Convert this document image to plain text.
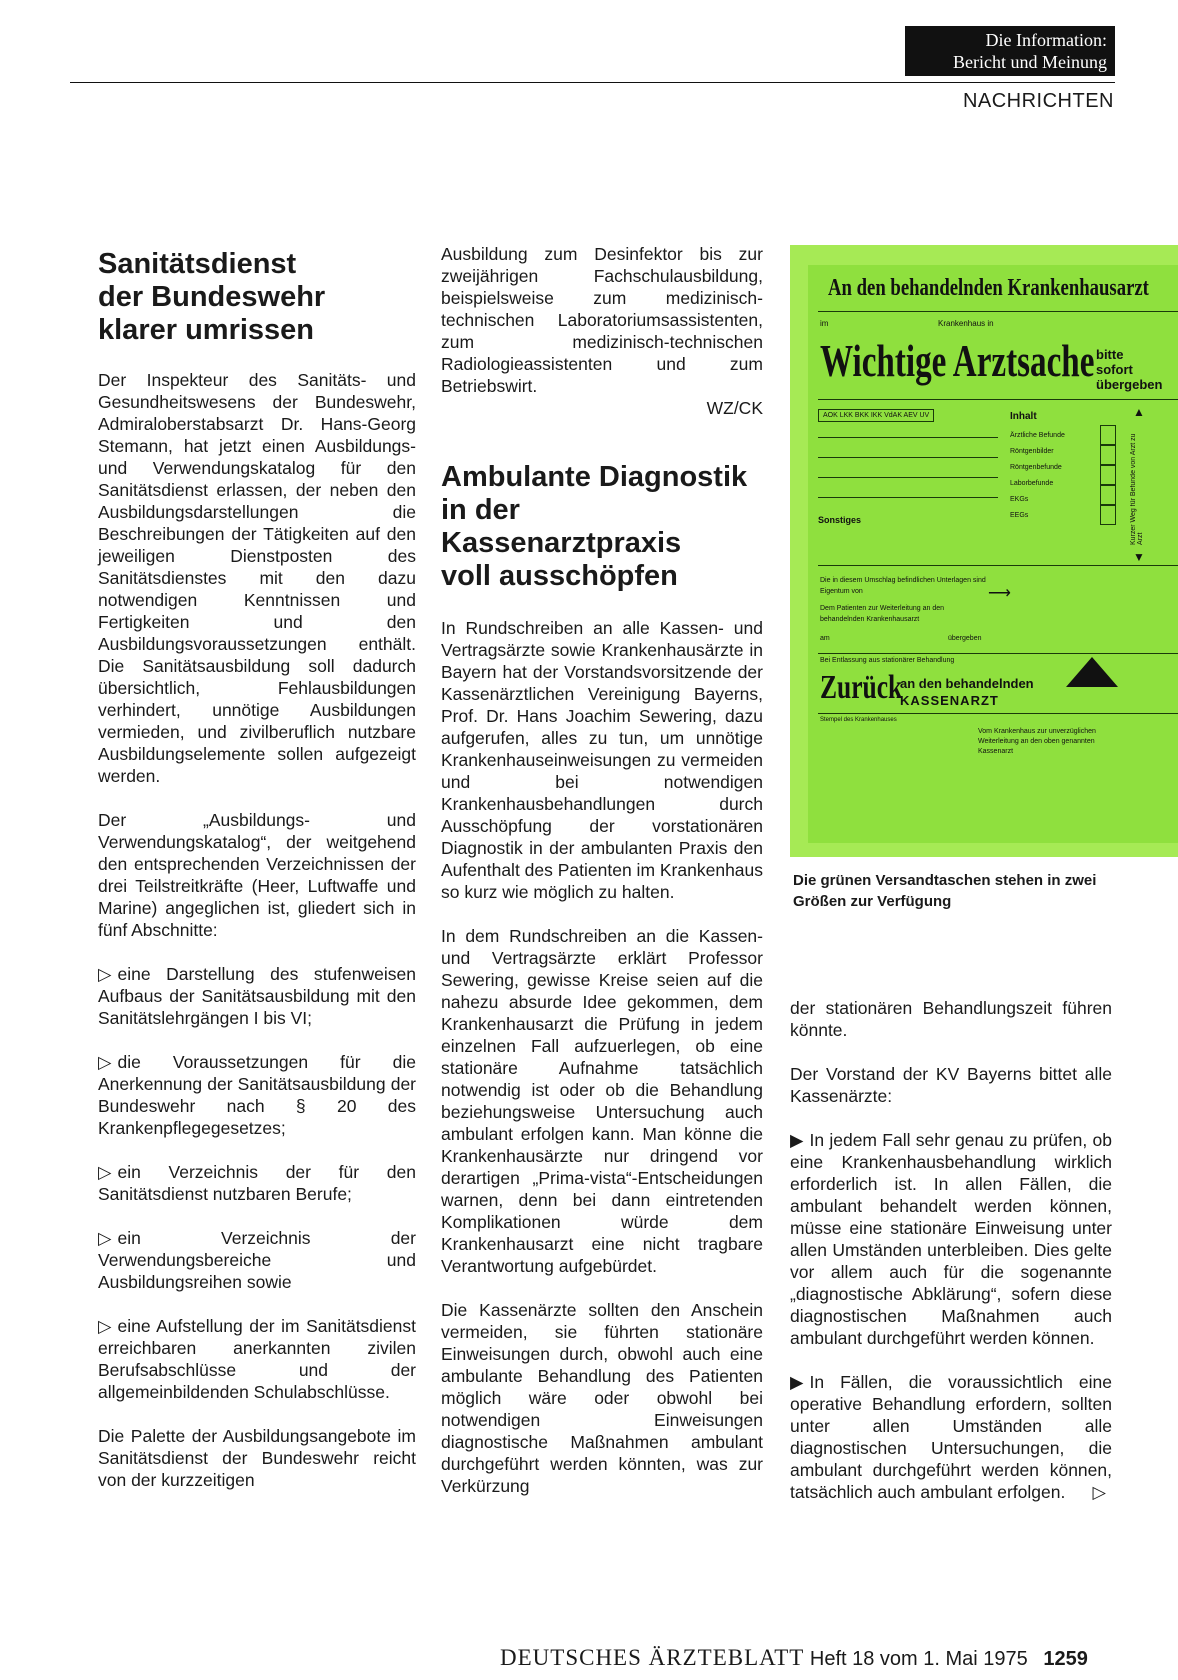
Die Information:
Bericht und Meinung
NACHRICHTEN
Sanitätsdienst
der Bundeswehr
klarer umrissen

Der Inspekteur des Sanitäts- und Gesundheitswesens der Bundeswehr, Admiraloberstabsarzt Dr. Hans-Georg Stemann, hat jetzt einen Ausbildungs- und Verwendungskatalog für den Sanitätsdienst erlassen, der neben den Ausbildungsdarstellungen die Beschreibungen der Tätigkeiten auf den jeweiligen Dienstposten des Sanitätsdienstes mit den dazu notwendigen Kenntnissen und Fertigkeiten und den Ausbildungsvoraussetzungen enthält. Die Sanitätsausbildung soll dadurch übersichtlich, Fehlausbildungen verhindert, unnötige Ausbildungen vermieden, und zivilberuflich nutzbare Ausbildungselemente sollen aufgezeigt werden.

Der „Ausbildungs- und Verwendungskatalog“, der weitgehend den entsprechenden Verzeichnissen der drei Teilstreitkräfte (Heer, Luftwaffe und Marine) angeglichen ist, gliedert sich in fünf Abschnitte:

▷ eine Darstellung des stufenweisen Aufbaus der Sanitätsausbildung mit den Sanitätslehrgängen I bis VI;

▷ die Voraussetzungen für die Anerkennung der Sanitätsausbildung der Bundeswehr nach § 20 des Krankenpflegegesetzes;

▷ ein Verzeichnis der für den Sanitätsdienst nutzbaren Berufe;

▷ ein Verzeichnis der Verwendungsbereiche und Ausbildungsreihen sowie

▷ eine Aufstellung der im Sanitätsdienst erreichbaren anerkannten zivilen Berufsabschlüsse und der allgemeinbildenden Schulabschlüsse.

Die Palette der Ausbildungsangebote im Sanitätsdienst der Bundeswehr reicht von der kurzzeitigen

Ausbildung zum Desinfektor bis zur zweijährigen Fachschulausbildung, beispielsweise zum medizinisch-technischen Laboratoriumsassistenten, zum medizinisch-technischen Radiologieassistenten und zum Betriebswirt.

WZ/CK
Ambulante Diagnostik
in der
Kassenarztpraxis
voll ausschöpfen

In Rundschreiben an alle Kassen- und Vertragsärzte sowie Krankenhausärzte in Bayern hat der Vorstandsvorsitzende der Kassenärztlichen Vereinigung Bayerns, Prof. Dr. Hans Joachim Sewering, dazu aufgerufen, alles zu tun, um unnötige Krankenhauseinweisungen zu vermeiden und bei notwendigen Krankenhausbehandlungen durch Ausschöpfung der vorstationären Diagnostik in der ambulanten Praxis den Aufenthalt des Patienten im Krankenhaus so kurz wie möglich zu halten.

In dem Rundschreiben an die Kassen- und Vertragsärzte erklärt Professor Sewering, gewisse Kreise seien auf die nahezu absurde Idee gekommen, dem Krankenhausarzt die Prüfung in jedem einzelnen Fall aufzuerlegen, ob eine stationäre Aufnahme tatsächlich notwendig ist oder ob die Behandlung beziehungsweise Untersuchung auch ambulant erfolgen kann. Man könne die Krankenhausärzte nur dringend vor derartigen „Prima-vista“-Entscheidungen warnen, denn bei dann eintretenden Komplikationen würde dem Krankenhausarzt eine nicht tragbare Verantwortung aufgebürdet.

Die Kassenärzte sollten den Anschein vermeiden, sie führten stationäre Einweisungen durch, obwohl auch eine ambulante Behandlung des Patienten möglich wäre oder obwohl bei notwendigen Einweisungen diagnostische Maßnahmen ambulant durchgeführt werden könnten, was zur Verkürzung

An den behandelnden Krankenhausarzt
im	Krankenhaus in
Wichtige Arztsache bitte
sofort
übergeben
AOK LKK BKK IKK VdAK AEV UV
Sonstiges
Inhalt
Ärztliche Befunde
Röntgenbilder
Röntgenbefunde
Laborbefunde
EKGs
EEGs
▲
▼
Kurzer Weg für Befunde von Arzt zu Arzt
Die in diesem Umschlag befindlichen Unterlagen sind Eigentum von
Dem Patienten zur Weiterleitung an den behandelnden Krankenhausarzt
⟶
am	übergeben
Bei Entlassung aus stationärer Behandlung
Zurück
an den behandelnden
KASSENARZT
Stempel des Krankenhauses
Vom Krankenhaus zur unverzüglichen Weiterleitung an den oben genannten Kassenarzt
Die grünen Versandtaschen stehen in zwei Größen zur Verfügung

der stationären Behandlungszeit führen könnte.

Der Vorstand der KV Bayerns bittet alle Kassenärzte:

▶ In jedem Fall sehr genau zu prüfen, ob eine Krankenhausbehandlung wirklich erforderlich ist. In allen Fällen, die ambulant behandelt werden können, müsse eine stationäre Einweisung unter allen Umständen unterbleiben. Dies gelte vor allem auch für die sogenannte „diagnostische Abklärung“, sofern diese diagnostischen Maßnahmen auch ambulant durchgeführt werden können.

▶ In Fällen, die voraussichtlich eine operative Behandlung erfordern, sollten unter allen Umständen alle diagnostischen Untersuchungen, die ambulant durchgeführt werden können, tatsächlich auch ambulant erfolgen. ▷

DEUTSCHES ÄRZTEBLATT Heft 18 vom 1. Mai 1975 1259
